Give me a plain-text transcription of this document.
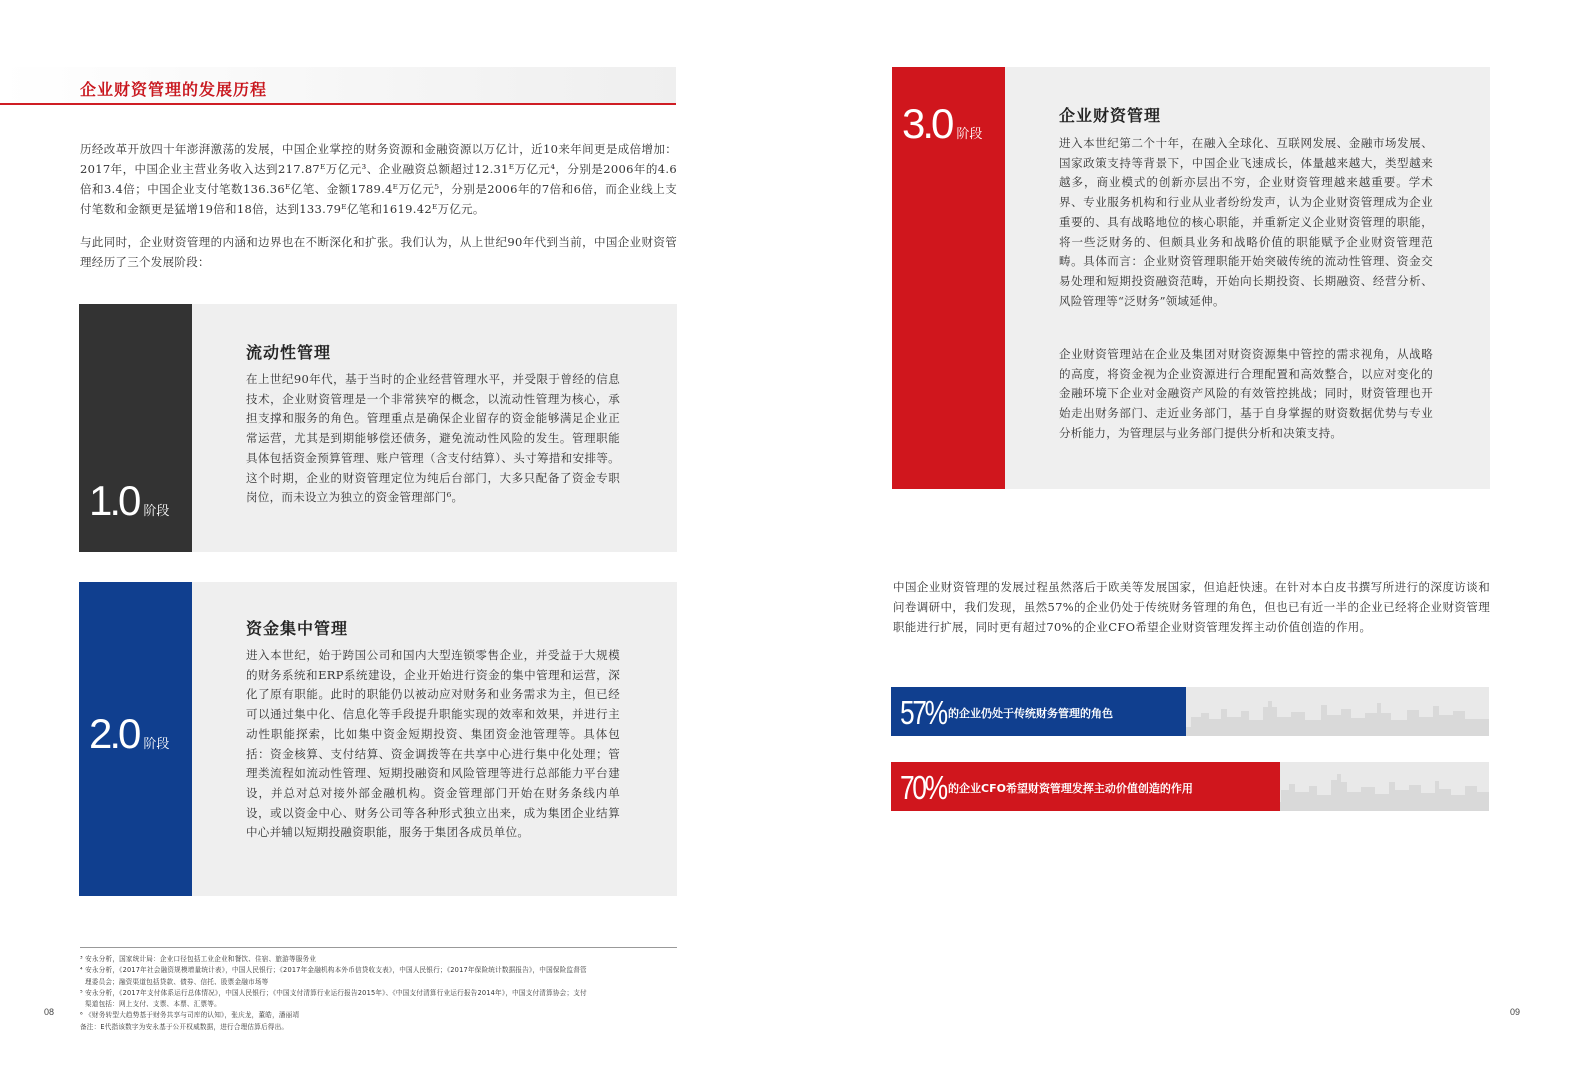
企业财资管理的发展历程

历经改革开放四十年澎湃激荡的发展，中国企业掌控的财务资源和金融资源以万亿计，近10来年间更是成倍增加：2017年，中国企业主营业务收入达到217.87ᴱ万亿元³、企业融资总额超过12.31ᴱ万亿元⁴，分别是2006年的4.6倍和3.4倍；中国企业支付笔数136.36ᴱ亿笔、金额1789.4ᴱ万亿元⁵，分别是2006年的7倍和6倍，而企业线上支付笔数和金额更是猛增19倍和18倍，达到133.79ᴱ亿笔和1619.42ᴱ万亿元。

与此同时，企业财资管理的内涵和边界也在不断深化和扩张。我们认为，从上世纪90年代到当前，中国企业财资管理经历了三个发展阶段：

1.0 阶段
流动性管理

在上世纪90年代，基于当时的企业经营管理水平，并受限于曾经的信息技术，企业财资管理是一个非常狭窄的概念，以流动性管理为核心，承担支撑和服务的角色。管理重点是确保企业留存的资金能够满足企业正常运营，尤其是到期能够偿还债务，避免流动性风险的发生。管理职能具体包括资金预算管理、账户管理（含支付结算）、头寸筹措和安排等。这个时期，企业的财资管理定位为纯后台部门，大多只配备了资金专职岗位，而未设立为独立的资金管理部门⁶。

2.0 阶段
资金集中管理

进入本世纪，始于跨国公司和国内大型连锁零售企业，并受益于大规模的财务系统和ERP系统建设，企业开始进行资金的集中管理和运营，深化了原有职能。此时的职能仍以被动应对财务和业务需求为主，但已经可以通过集中化、信息化等手段提升职能实现的效率和效果，并进行主动性职能探索，比如集中资金短期投资、集团资金池管理等。具体包括：资金核算、支付结算、资金调拨等在共享中心进行集中化处理；管理类流程如流动性管理、短期投融资和风险管理等进行总部能力平台建设，并总对总对接外部金融机构。资金管理部门开始在财务条线内单设，或以资金中心、财务公司等各种形式独立出来，成为集团企业结算中心并辅以短期投融资职能，服务于集团各成员单位。

³ 安永分析，国家统计局：企业口径包括工业企业和餐饮、住宿、旅游等服务业
⁴ 安永分析，《2017年社会融资规模增量统计表》，中国人民银行；《2017年金融机构本外币信贷收支表》，中国人民银行；《2017年保险统计数据报告》，中国保险监督管
理委员会；融资渠道包括贷款、债券、信托、股票金融市场等
⁵ 安永分析，《2017年支付体系运行总体情况》，中国人民银行；《中国支付清算行业运行报告2015年》、《中国支付清算行业运行报告2014年》，中国支付清算协会；支付
渠道包括：网上支付、支票、本票、汇票等。
⁶ 《财务转型大趋势基于财务共享与司库的认知》，张庆龙，董皓，潘丽靖
备注：E代指该数字为安永基于公开权威数据，进行合理估算后得出。
08
3.0 阶段
企业财资管理

进入本世纪第二个十年，在融入全球化、互联网发展、金融市场发展、国家政策支持等背景下，中国企业飞速成长，体量越来越大，类型越来越多，商业模式的创新亦层出不穷，企业财资管理越来越重要。学术界、专业服务机构和行业从业者纷纷发声，认为企业财资管理成为企业重要的、具有战略地位的核心职能，并重新定义企业财资管理的职能，将一些泛财务的、但颇具业务和战略价值的职能赋予企业财资管理范畴。具体而言：企业财资管理职能开始突破传统的流动性管理、资金交易处理和短期投资融资范畴，开始向长期投资、长期融资、经营分析、风险管理等“泛财务”领域延伸。

企业财资管理站在企业及集团对财资资源集中管控的需求视角，从战略的高度，将资金视为企业资源进行合理配置和高效整合，以应对变化的金融环境下企业对金融资产风险的有效管控挑战；同时，财资管理也开始走出财务部门、走近业务部门，基于自身掌握的财资数据优势与专业分析能力，为管理层与业务部门提供分析和决策支持。

中国企业财资管理的发展过程虽然落后于欧美等发展国家，但追赶快速。在针对本白皮书撰写所进行的深度访谈和问卷调研中，我们发现，虽然57%的企业仍处于传统财务管理的角色，但也已有近一半的企业已经将企业财资管理职能进行扩展，同时更有超过70%的企业CFO希望企业财资管理发挥主动价值创造的作用。

57% 的企业仍处于传统财务管理的角色
70% 的企业CFO希望财资管理发挥主动价值创造的作用
09
